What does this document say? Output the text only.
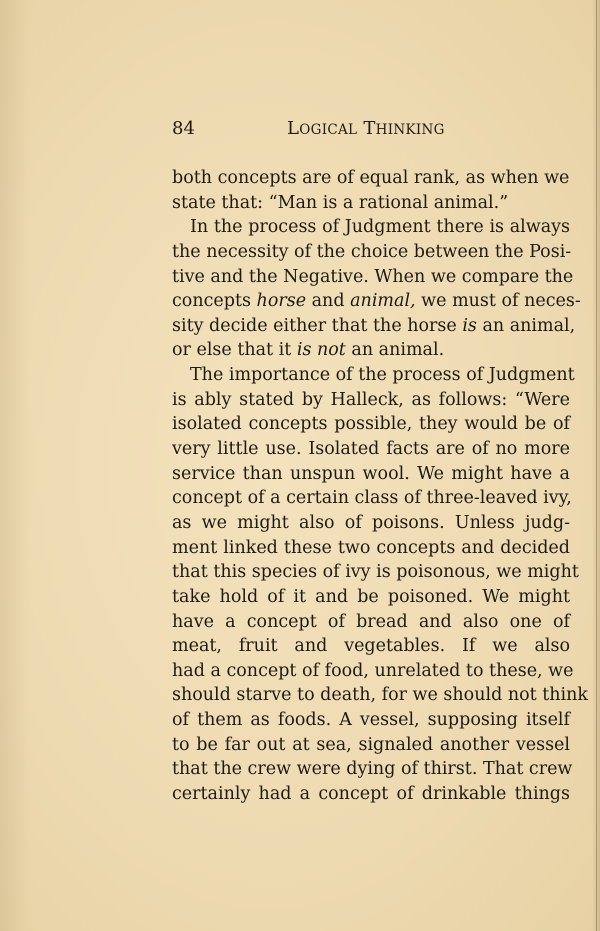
84	LOGICAL THINKING
both concepts are of equal rank, as when we
state that: “Man is a rational animal.”
In the process of Judgment there is always
the necessity of the choice between the Posi-
tive and the Negative. When we compare the
concepts horse and animal, we must of neces-
sity decide either that the horse is an animal,
or else that it is not an animal.
The importance of the process of Judgment
is ably stated by Halleck, as follows: “Were
isolated concepts possible, they would be of
very little use. Isolated facts are of no more
service than unspun wool. We might have a
concept of a certain class of three-leaved ivy,
as we might also of poisons. Unless judg-
ment linked these two concepts and decided
that this species of ivy is poisonous, we might
take hold of it and be poisoned. We might
have a concept of bread and also one of
meat, fruit and vegetables. If we also
had a concept of food, unrelated to these, we
should starve to death, for we should not think
of them as foods. A vessel, supposing itself
to be far out at sea, signaled another vessel
that the crew were dying of thirst. That crew
certainly had a concept of drinkable things
